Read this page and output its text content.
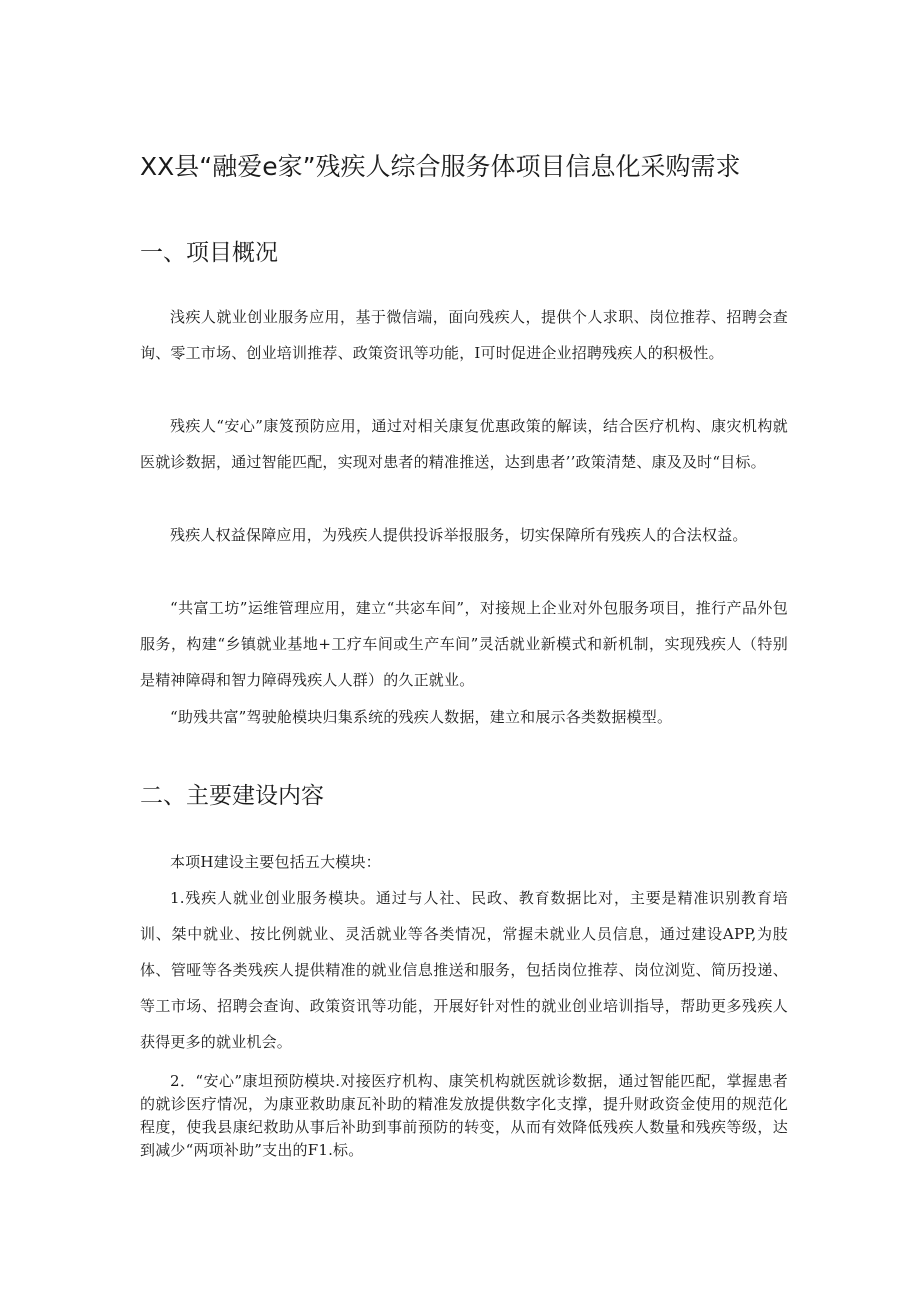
XX县“融爱e家”残疾人综合服务体项目信息化采购需求
一、项目概况

浅疾人就业创业服务应用，基于微信端，面向残疾人，提供个人求职、岗位推荐、招聘会查询、零工市场、创业培训推荐、政策资讯等功能，I可时促进企业招聘残疾人的积极性。

残疾人“安心”康笈预防应用，通过对相关康复优惠政策的解读，结合医疗机构、康灾机构就医就诊数据，通过智能匹配，实现对患者的精准推送，达到患者’’政策清楚、康及及时“目标。

残疾人权益保障应用，为残疾人提供投诉举报服务，切实保障所有残疾人的合法权益。

“共富工坊”运维管理应用，建立“共宓车间”，对接规上企业对外包服务项目，推行产品外包服务，构建“乡镇就业基地+工疗车间或生产车间”灵活就业新模式和新机制，实现残疾人（特别是精神障碍和智力障碍残疾人人群）的久正就业。

“助残共富”驾驶舱模块归集系统的残疾人数据，建立和展示各类数据模型。

二、主要建设内容

本项H建设主要包括五大模块：

1.残疾人就业创业服务模块。通过与人社、民政、教育数据比对，主要是精准识别教育培训、桀中就业、按比例就业、灵活就业等各类情况，常握未就业人员信息，通过建设APP,为肢体、管哑等各类残疾人提供精准的就业信息推送和服务，包括岗位推荐、岗位浏览、简历投递、等工市场、招聘会查询、政策资讯等功能，开展好针对性的就业创业培训指导，帮助更多残疾人获得更多的就业机会。

2．“安心”康坦预防模块.对接医疗机构、康笑机构就医就诊数据，通过智能匹配，掌握患者的就诊医疗情况，为康亚救助康瓦补助的精准发放提供数字化支撑，提升财政资金使用的规范化程度，使我县康纪救助从事后补助到事前预防的转变，从而有效降低残疾人数量和残疾等级，达到减少“两项补助”支出的F1.标。
